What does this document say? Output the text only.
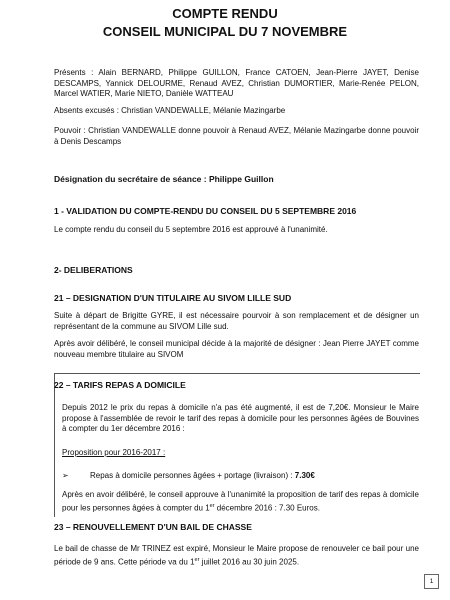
COMPTE RENDU
CONSEIL MUNICIPAL DU 7 NOVEMBRE
Présents : Alain BERNARD, Philippe GUILLON, France CATOEN, Jean-Pierre JAYET, Denise DESCAMPS, Yannick DELOURME, Renaud AVEZ, Christian DUMORTIER, Marie-Renée PELON, Marcel WATIER, Marie NIETO, Danièle WATTEAU
Absents excusés : Christian VANDEWALLE, Mélanie Mazingarbe
Pouvoir : Christian VANDEWALLE donne pouvoir à Renaud AVEZ, Mélanie Mazingarbe donne pouvoir à Denis Descamps
Désignation du secrétaire de séance : Philippe Guillon
1 - VALIDATION DU COMPTE-RENDU DU CONSEIL DU 5 SEPTEMBRE 2016
Le compte rendu du conseil du 5 septembre 2016 est approuvé à l'unanimité.
2- DELIBERATIONS
21 – DESIGNATION D'UN TITULAIRE AU SIVOM LILLE SUD
Suite à départ de Brigitte GYRE, il est nécessaire pourvoir à son remplacement et de désigner un représentant de la commune au SIVOM Lille sud.
Après avoir délibéré, le conseil municipal décide à la majorité de désigner : Jean Pierre JAYET comme nouveau membre titulaire au SIVOM
22 – TARIFS REPAS A DOMICILE
Depuis 2012 le prix du repas à domicile n'a pas été augmenté, il est de 7,20€. Monsieur le Maire propose à l'assemblée de revoir le tarif des repas à domicile pour les personnes âgées de Bouvines à compter du 1er décembre 2016 :
Proposition pour 2016-2017 :
➢	Repas à domicile personnes âgées + portage (livraison) : 7.30€
Après en avoir délibéré, le conseil approuve à l'unanimité la proposition de tarif des repas à domicile pour les personnes âgées à compter du 1er décembre 2016 : 7.30 Euros.
23 – RENOUVELLEMENT D'UN BAIL DE CHASSE
Le bail de chasse de Mr TRINEZ est expiré, Monsieur le Maire propose de renouveler ce bail pour une période de 9 ans. Cette période va du 1er juillet 2016 au 30 juin 2025.
1
